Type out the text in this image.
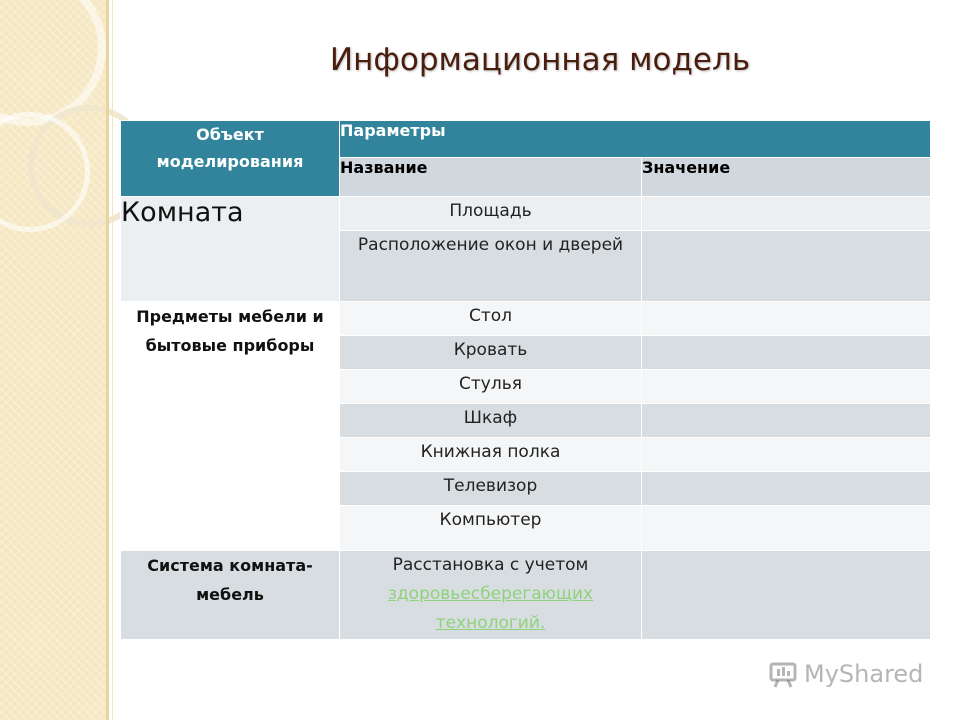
Информационная модель
Объект моделирования	Параметры	
	Название	Значение
Комната	Площадь	
	Расположение окон и дверей	
Предметы мебели и бытовые приборы	Стол	
	Кровать	
	Стулья	
	Шкаф	
	Книжная полка	
	Телевизор	
	Компьютер	
Система комната-мебель	Расстановка с учетом
здоровьесберегающих технологий.	
MyShared
